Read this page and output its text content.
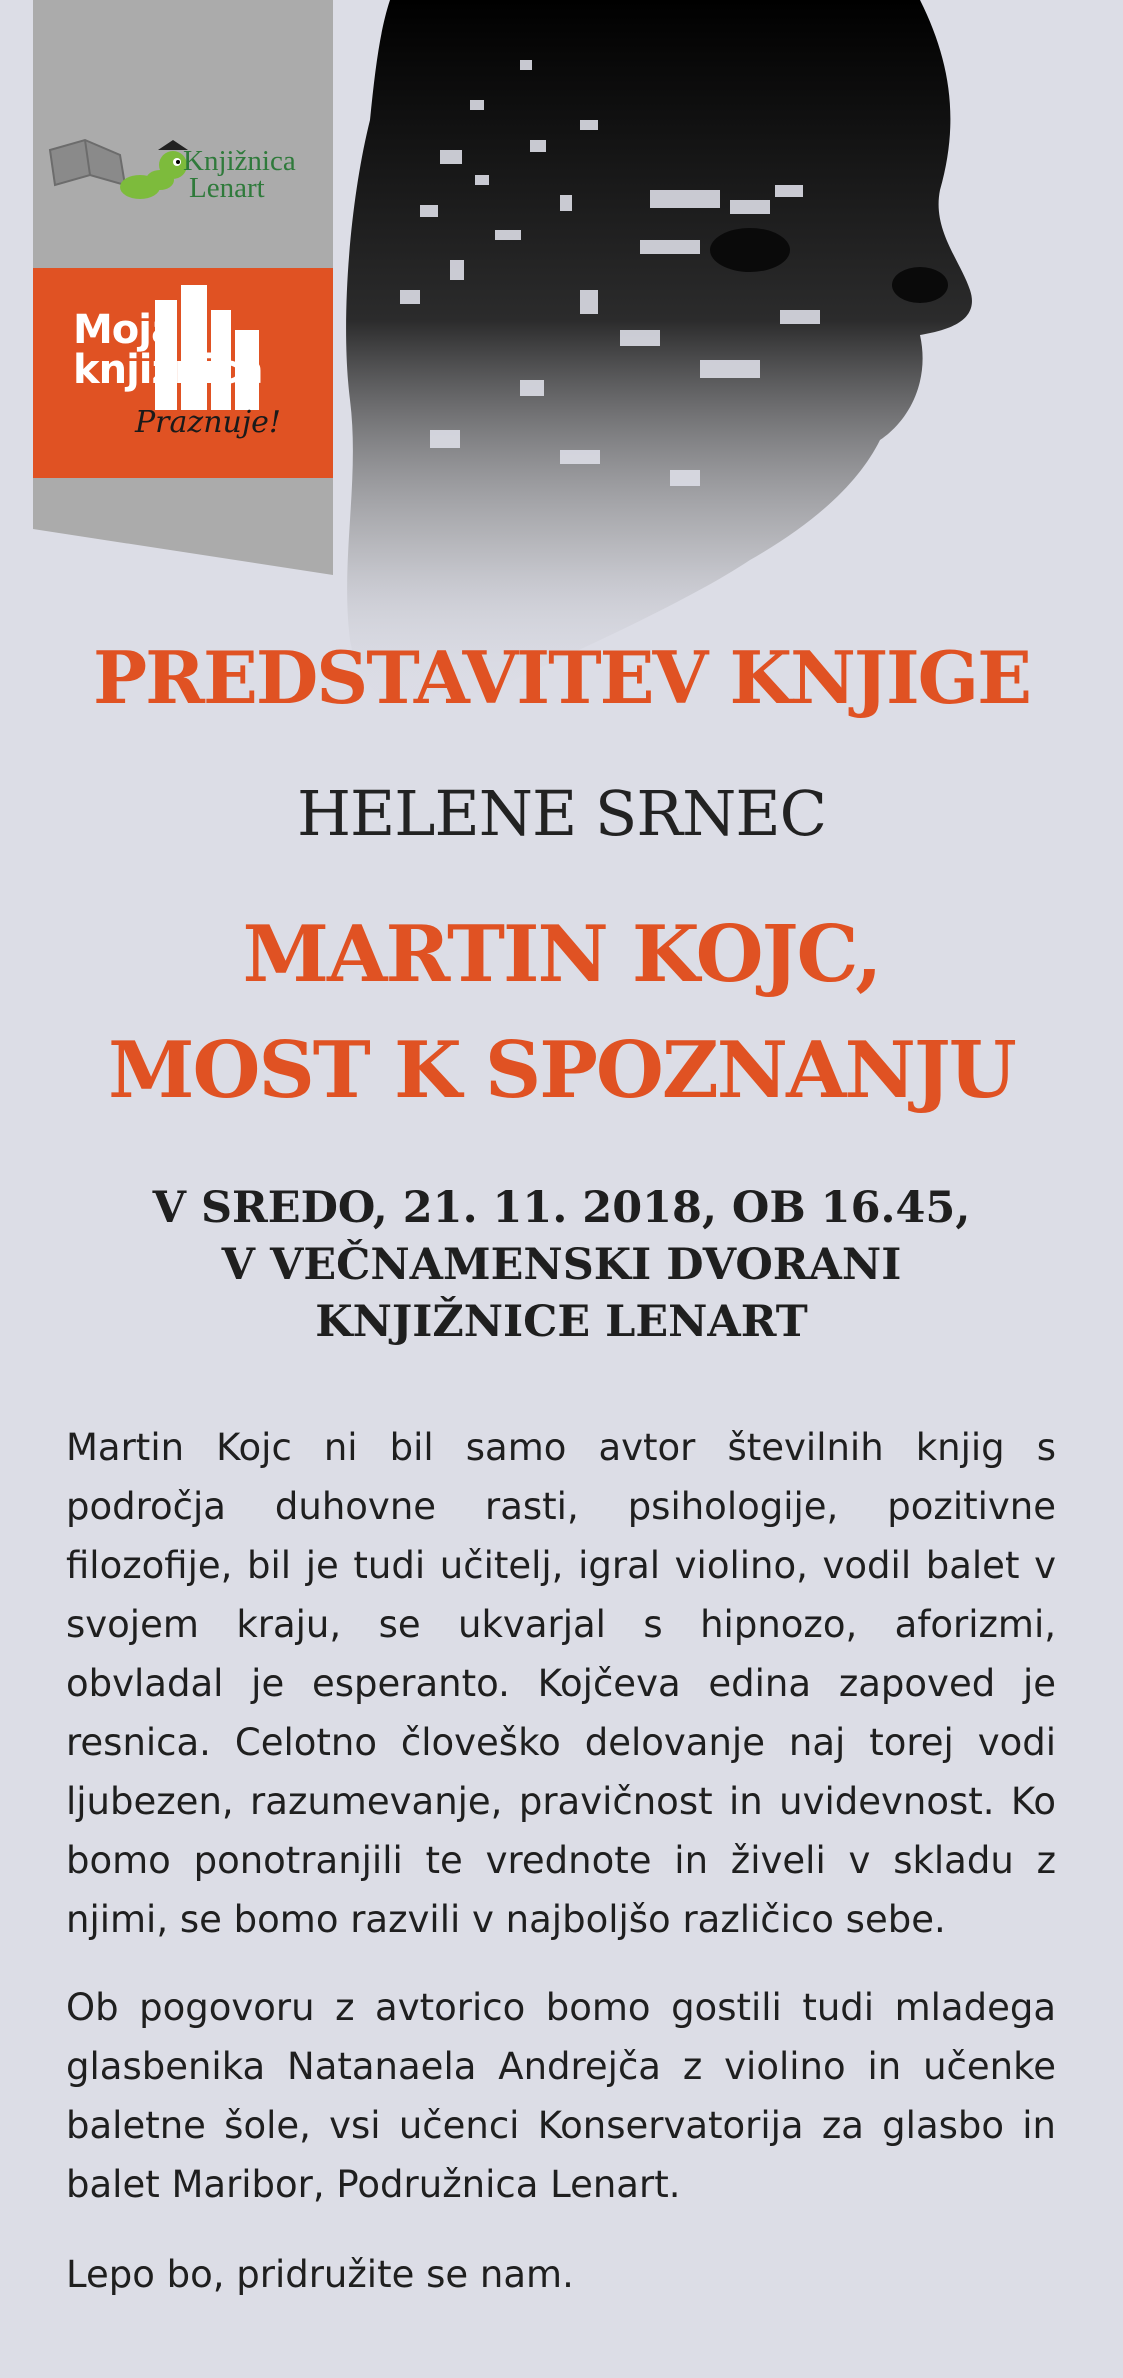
Knjižnica
Lenart
Moja
knjižnica
Praznuje!
PREDSTAVITEV KNJIGE
HELENE SRNEC
MARTIN KOJC,
MOST K SPOZNANJU
V SREDO, 21. 11. 2018, OB 16.45,
V VEČNAMENSKI DVORANI
KNJIŽNICE LENART

Martin Kojc ni bil samo avtor številnih knjig s področja duhovne rasti, psihologije, pozitivne filozofije, bil je tudi učitelj, igral violino, vodil balet v svojem kraju, se ukvarjal s hipnozo, aforizmi, obvladal je esperanto. Kojčeva edina zapoved je resnica. Celotno človeško delovanje naj torej vodi ljubezen, razumevanje, pravičnost in uvidevnost. Ko bomo ponotranjili te vrednote in živeli v skladu z njimi, se bomo razvili v najboljšo različico sebe.

Ob pogovoru z avtorico bomo gostili tudi mladega glasbenika Natanaela Andrejča z violino in učenke baletne šole, vsi učenci Konservatorija za glasbo in balet Maribor, Podružnica Lenart.

Lepo bo, pridružite se nam.
